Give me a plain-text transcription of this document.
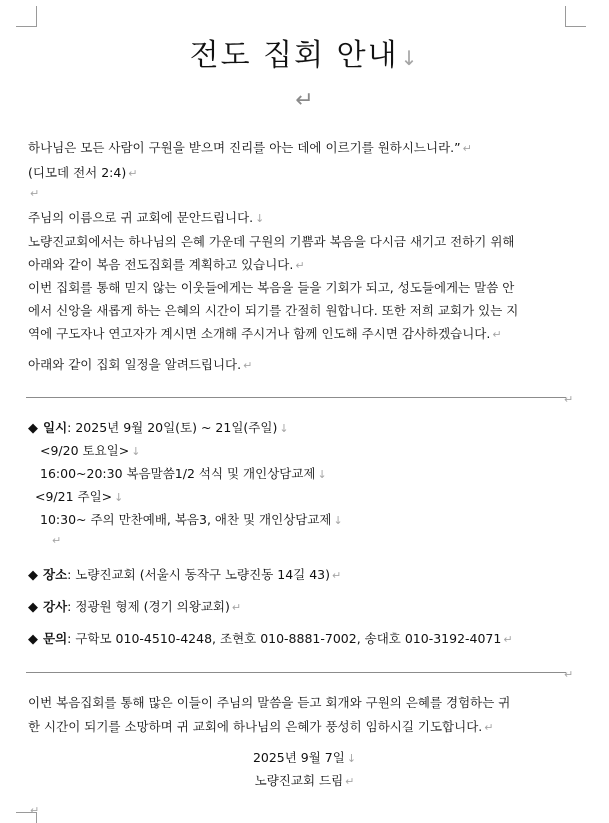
전도 집회 안내 ↓
↵
하나님은 모든 사람이 구원을 받으며 진리를 아는 데에 이르기를 원하시느니라.” ↵
(디모데 전서 2:4) ↵
↵
주님의 이름으로 귀 교회에 문안드립니다. ↓
노량진교회에서는 하나님의 은혜 가운데 구원의 기쁨과 복음을 다시금 새기고 전하기 위해
아래와 같이 복음 전도집회를 계획하고 있습니다. ↵
이번 집회를 통해 믿지 않는 이웃들에게는 복음을 들을 기회가 되고, 성도들에게는 말씀 안
에서 신앙을 새롭게 하는 은혜의 시간이 되기를 간절히 원합니다. 또한 저희 교회가 있는 지
역에 구도자나 연고자가 계시면 소개해 주시거나 함께 인도해 주시면 감사하겠습니다. ↵
아래와 같이 집회 일정을 알려드립니다. ↵
↵
◆ 일시: 2025년 9월 20일(토) ~ 21일(주일) ↓
<9/20 토요일> ↓
16:00~20:30 복음말씀1/2 석식 및 개인상담교제 ↓
<9/21 주일> ↓
10:30~ 주의 만찬예배, 복음3, 애찬 및 개인상담교제 ↓
↵
◆ 장소: 노량진교회 (서울시 동작구 노량진동 14길 43) ↵
◆ 강사: 정광원 형제 (경기 의왕교회) ↵
◆ 문의: 구학모 010-4510-4248, 조현호 010-8881-7002, 송대호 010-3192-4071 ↵
↵
이번 복음집회를 통해 많은 이들이 주님의 말씀을 듣고 회개와 구원의 은혜를 경험하는 귀
한 시간이 되기를 소망하며 귀 교회에 하나님의 은혜가 풍성히 임하시길 기도합니다. ↵
2025년 9월 7일 ↓
노량진교회 드림 ↵
↵
